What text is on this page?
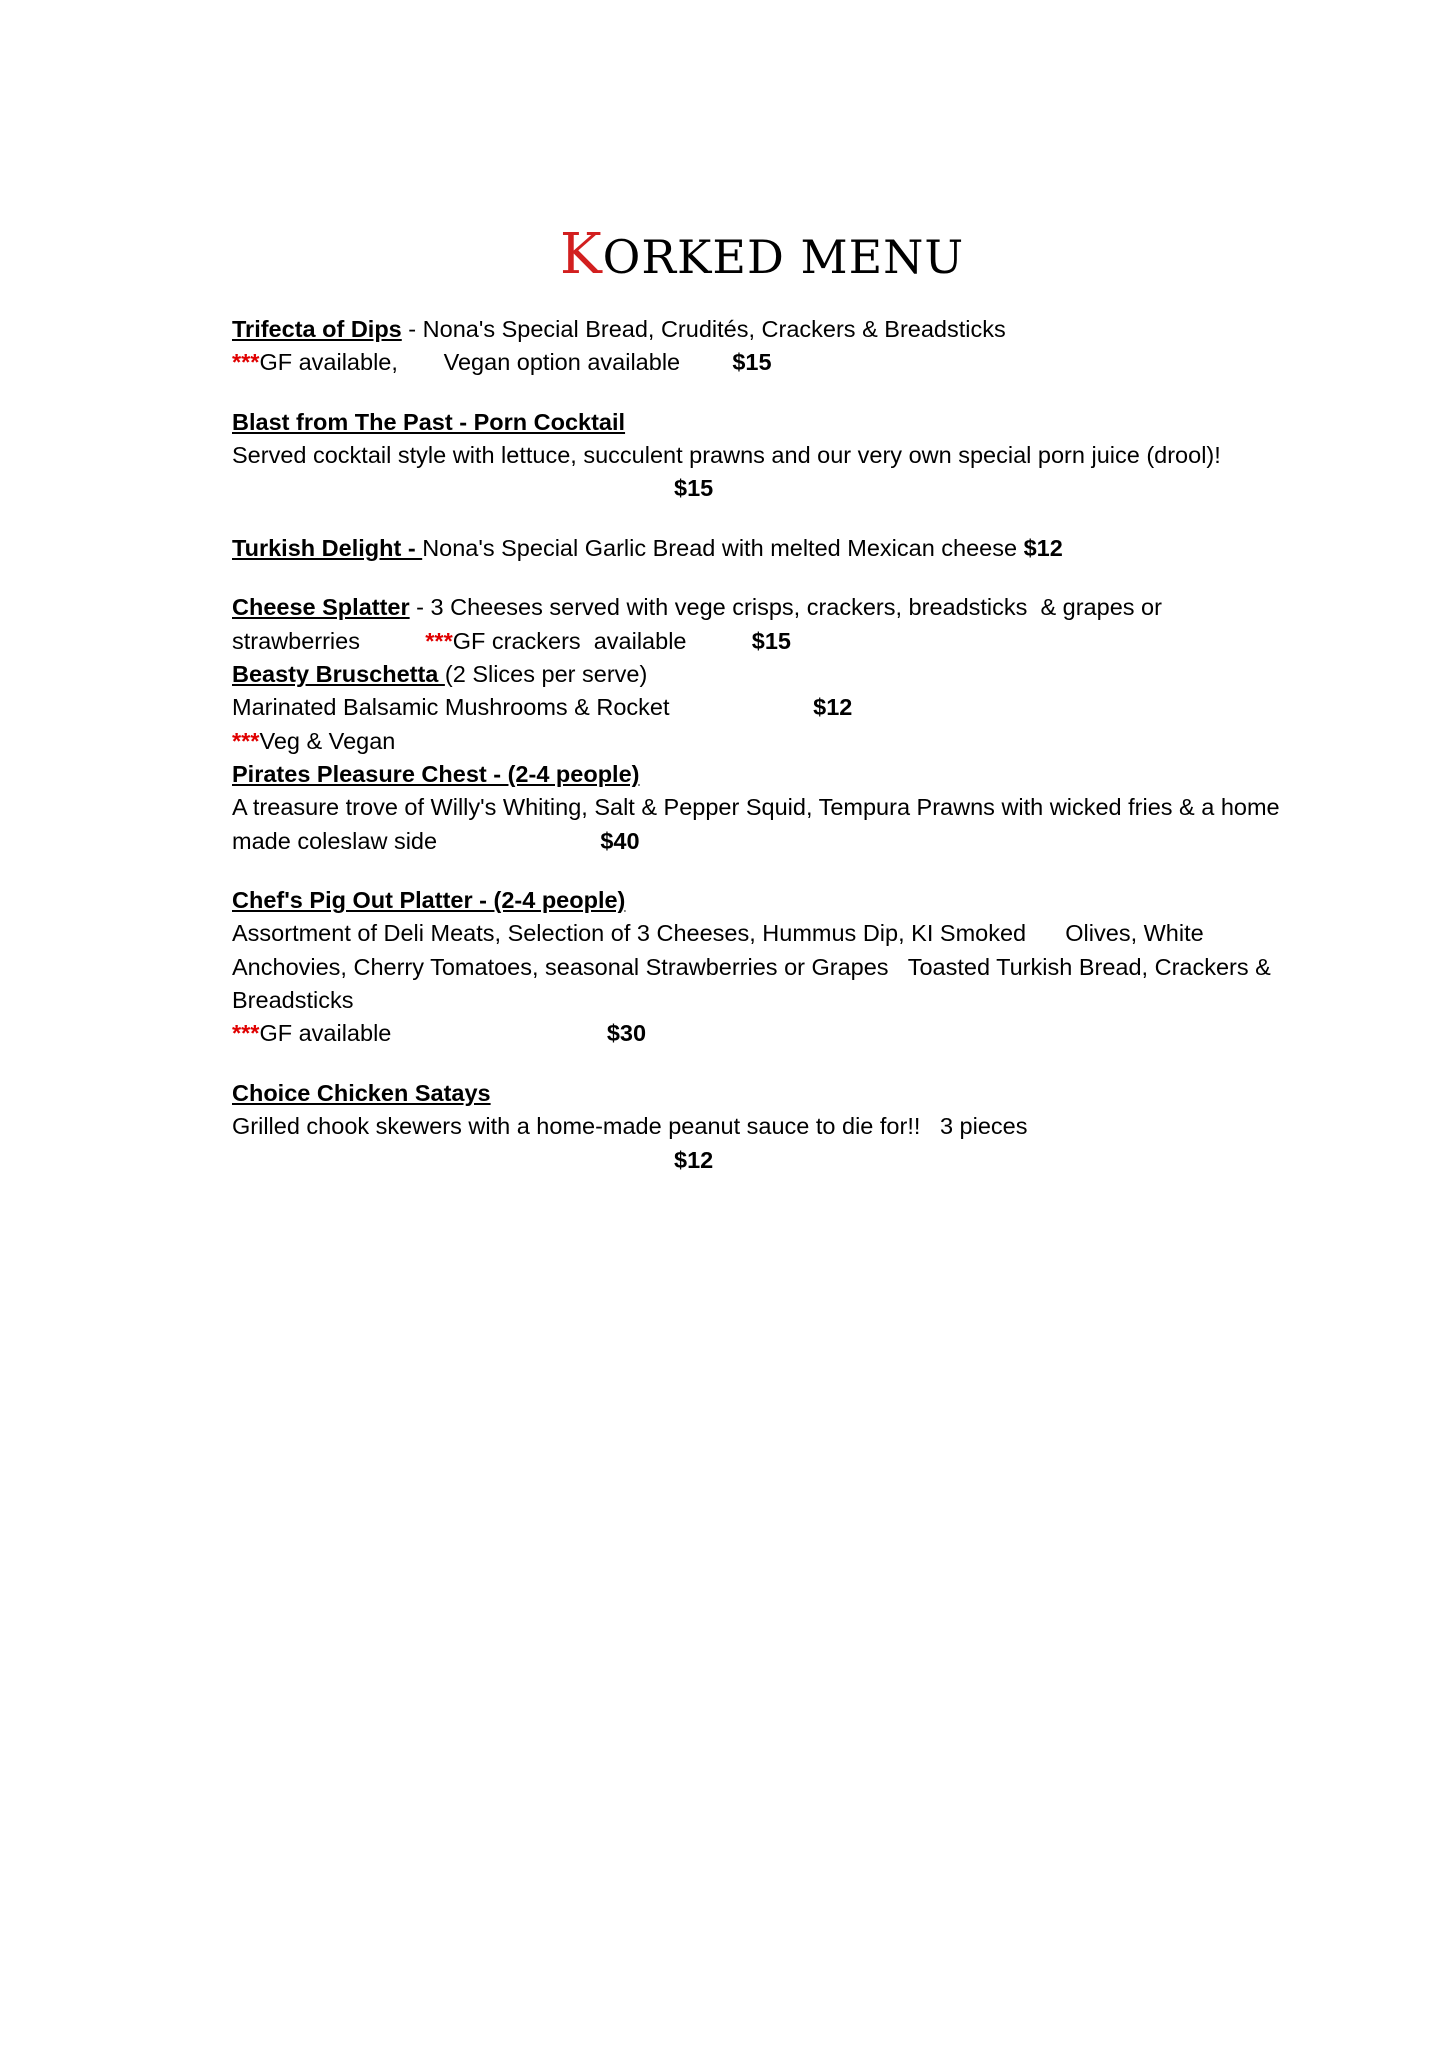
KORKED MENU

Trifecta of Dips - Nona's Special Bread, Crudités, Crackers & Breadsticks

***GF available, Vegan option available $15

Blast from The Past - Porn Cocktail

Served cocktail style with lettuce, succulent prawns and our very own special porn juice (drool)!

$15

Turkish Delight - Nona's Special Garlic Bread with melted Mexican cheese $12

Cheese Splatter - 3 Cheeses served with vege crisps, crackers, breadsticks  & grapes or

strawberries	***GF crackers  available	$15

Beasty Bruschetta (2 Slices per serve)

Marinated Balsamic Mushrooms & Rocket	$12

***Veg & Vegan

Pirates Pleasure Chest - (2-4 people)

A treasure trove of Willy's Whiting, Salt & Pepper Squid, Tempura Prawns with wicked fries & a home

made coleslaw side	$40

Chef's Pig Out Platter - (2-4 people)

Assortment of Deli Meats, Selection of 3 Cheeses, Hummus Dip, KI Smoked      Olives, White

Anchovies, Cherry Tomatoes, seasonal Strawberries or Grapes   Toasted Turkish Bread, Crackers &

Breadsticks

***GF available	$30

Choice Chicken Satays

Grilled chook skewers with a home-made peanut sauce to die for!!   3 pieces

$12
